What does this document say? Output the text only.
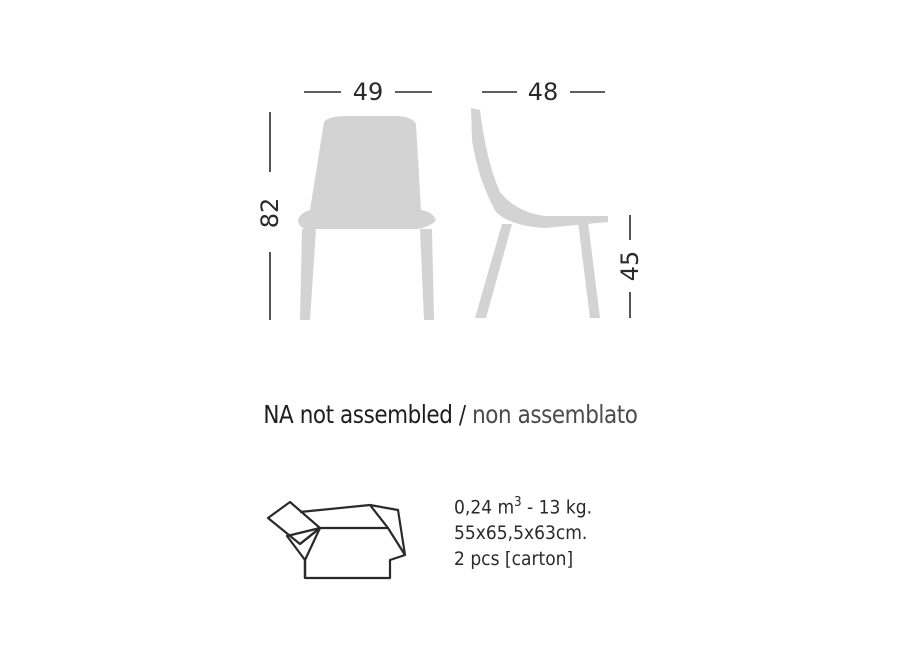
49	48
82
45
NA not assembled / non assemblato
0,24 $m^3 - 13$ kg.
55x65,5x63cm.
2 pcs [carton]
